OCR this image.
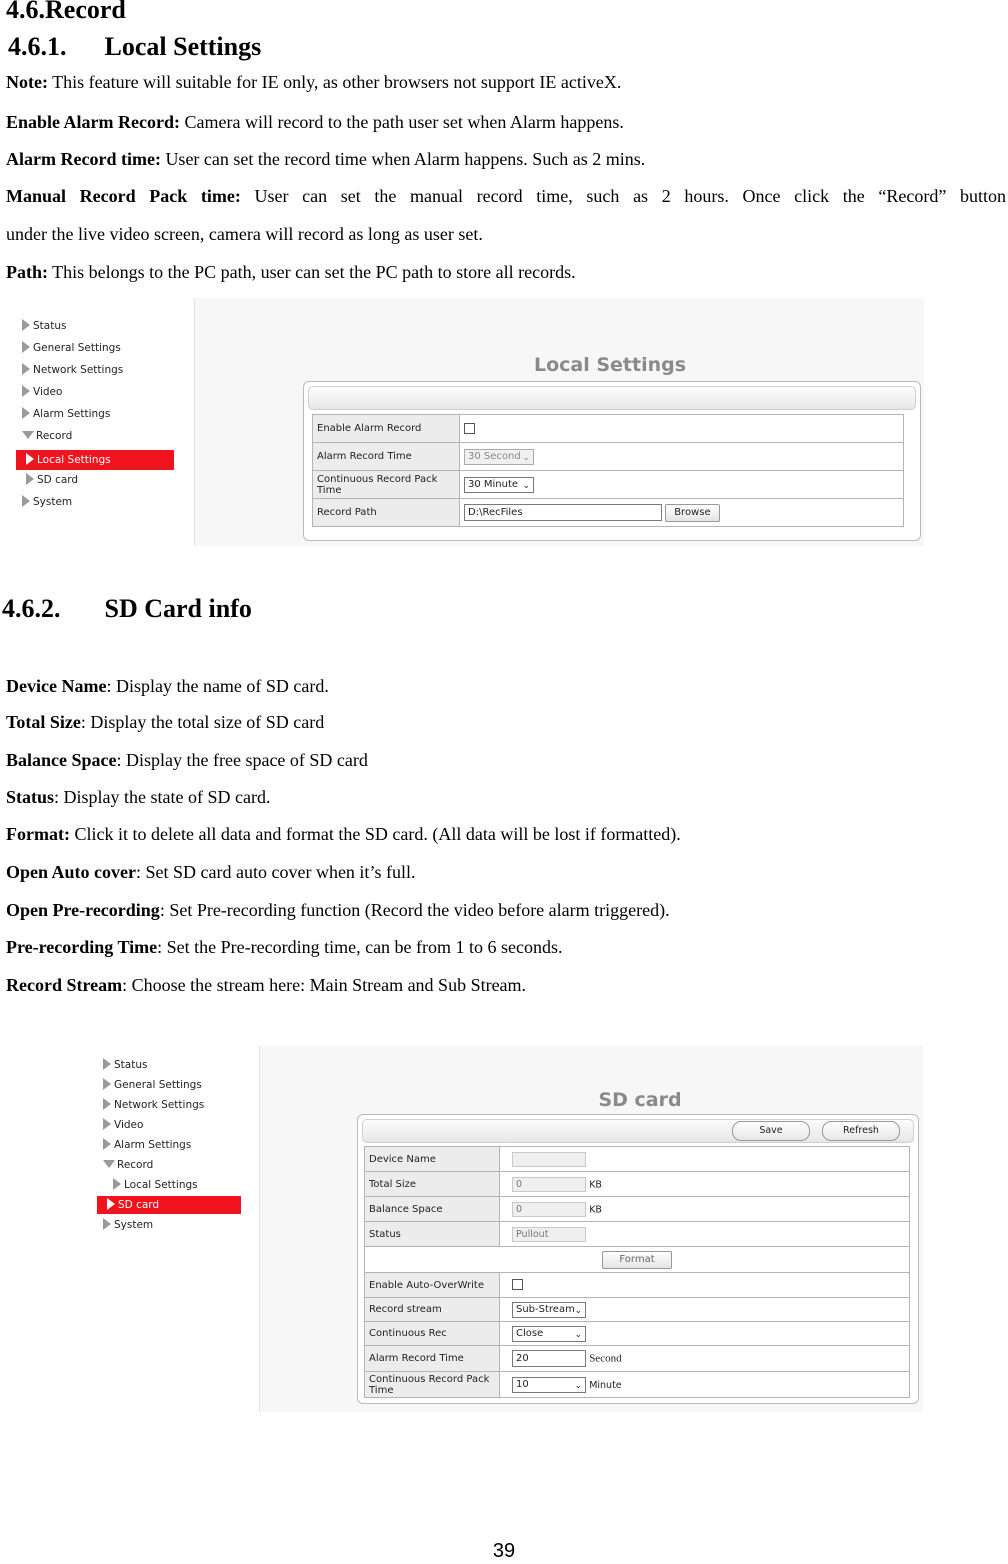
4.6.Record
4.6.1. Local Settings
Note: This feature will suitable for IE only, as other browsers not support IE activeX.
Enable Alarm Record: Camera will record to the path user set when Alarm happens.
Alarm Record time: User can set the record time when Alarm happens. Such as 2 mins.
Manual Record Pack time: User can set the manual record time, such as 2 hours. Once click the “Record” button
under the live video screen, camera will record as long as user set.
Path: This belongs to the PC path, user can set the PC path to store all records.
Status
General Settings
Network Settings
Video
Alarm Settings
Record
Local Settings
SD card
System
Local Settings
Enable Alarm Record	
Alarm Record Time	30 Second ⌄

Continuous Record Pack Time	30 Minute ⌄

Record Path	D:\RecFiles Browse
4.6.2. SD Card info
Device Name: Display the name of SD card.
Total Size: Display the total size of SD card
Balance Space: Display the free space of SD card
Status: Display the state of SD card.
Format: Click it to delete all data and format the SD card. (All data will be lost if formatted).
Open Auto cover: Set SD card auto cover when it’s full.
Open Pre-recording: Set Pre-recording function (Record the video before alarm triggered).
Pre-recording Time: Set the Pre-recording time, can be from 1 to 6 seconds.
Record Stream: Choose the stream here: Main Stream and Sub Stream.
Status
General Settings
Network Settings
Video
Alarm Settings
Record
Local Settings
SD card
System
SD card
Save	Refresh
Device Name	
Total Size	0 KB
Balance Space	0 KB
Status	Pullout
Format	
Enable Auto-OverWrite	
Record stream	Sub-Stream ⌄

Continuous Rec	Close ⌄

Alarm Record Time	20 Second
Continuous Record Pack Time	10 ⌄ Minute
39
